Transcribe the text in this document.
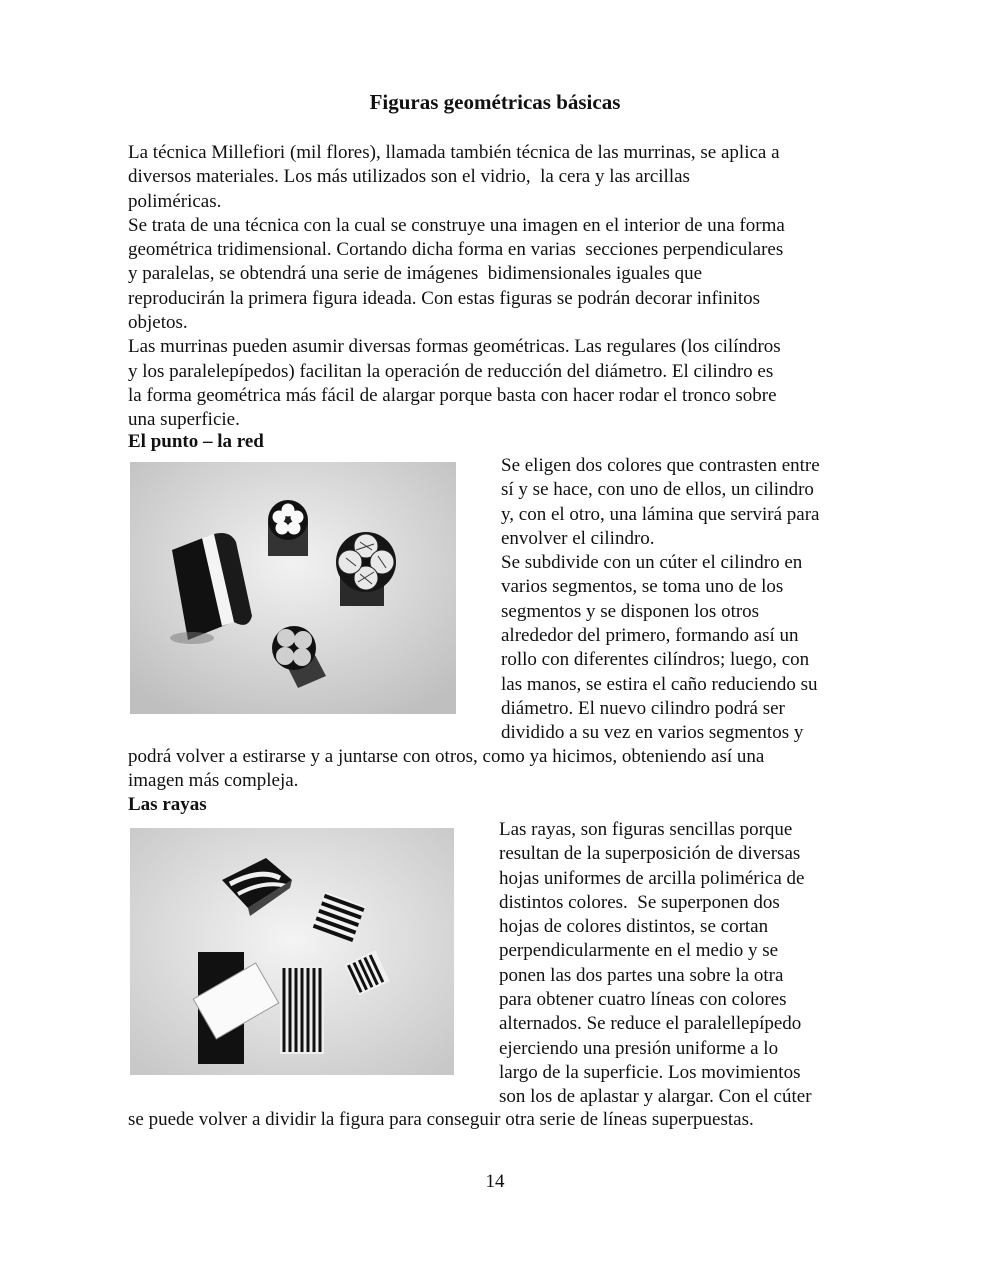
Figuras geométricas básicas
La técnica Millefiori (mil flores), llamada también técnica de las murrinas, se aplica a
diversos materiales. Los más utilizados son el vidrio,  la cera y las arcillas
poliméricas.
Se trata de una técnica con la cual se construye una imagen en el interior de una forma
geométrica tridimensional. Cortando dicha forma en varias  secciones perpendiculares
y paralelas, se obtendrá una serie de imágenes  bidimensionales iguales que
reproducirán la primera figura ideada. Con estas figuras se podrán decorar infinitos
objetos.
Las murrinas pueden asumir diversas formas geométricas. Las regulares (los cilíndros
y los paralelepípedos) facilitan la operación de reducción del diámetro. El cilindro es
la forma geométrica más fácil de alargar porque basta con hacer rodar el tronco sobre
una superficie.
El punto – la red
Se eligen dos colores que contrasten entre
sí y se hace, con uno de ellos, un cilindro
y, con el otro, una lámina que servirá para
envolver el cilindro.
Se subdivide con un cúter el cilindro en
varios segmentos, se toma uno de los
segmentos y se disponen los otros
alrededor del primero, formando así un
rollo con diferentes cilíndros; luego, con
las manos, se estira el caño reduciendo su
diámetro. El nuevo cilindro podrá ser
dividido a su vez en varios segmentos y
podrá volver a estirarse y a juntarse con otros, como ya hicimos, obteniendo así una
imagen más compleja.
Las rayas
Las rayas, son figuras sencillas porque
resultan de la superposición de diversas
hojas uniformes de arcilla polimérica de
distintos colores.  Se superponen dos
hojas de colores distintos, se cortan
perpendicularmente en el medio y se
ponen las dos partes una sobre la otra
para obtener cuatro líneas con colores
alternados. Se reduce el paralellepípedo
ejerciendo una presión uniforme a lo
largo de la superficie. Los movimientos
son los de aplastar y alargar. Con el cúter
se puede volver a dividir la figura para conseguir otra serie de líneas superpuestas.

14
